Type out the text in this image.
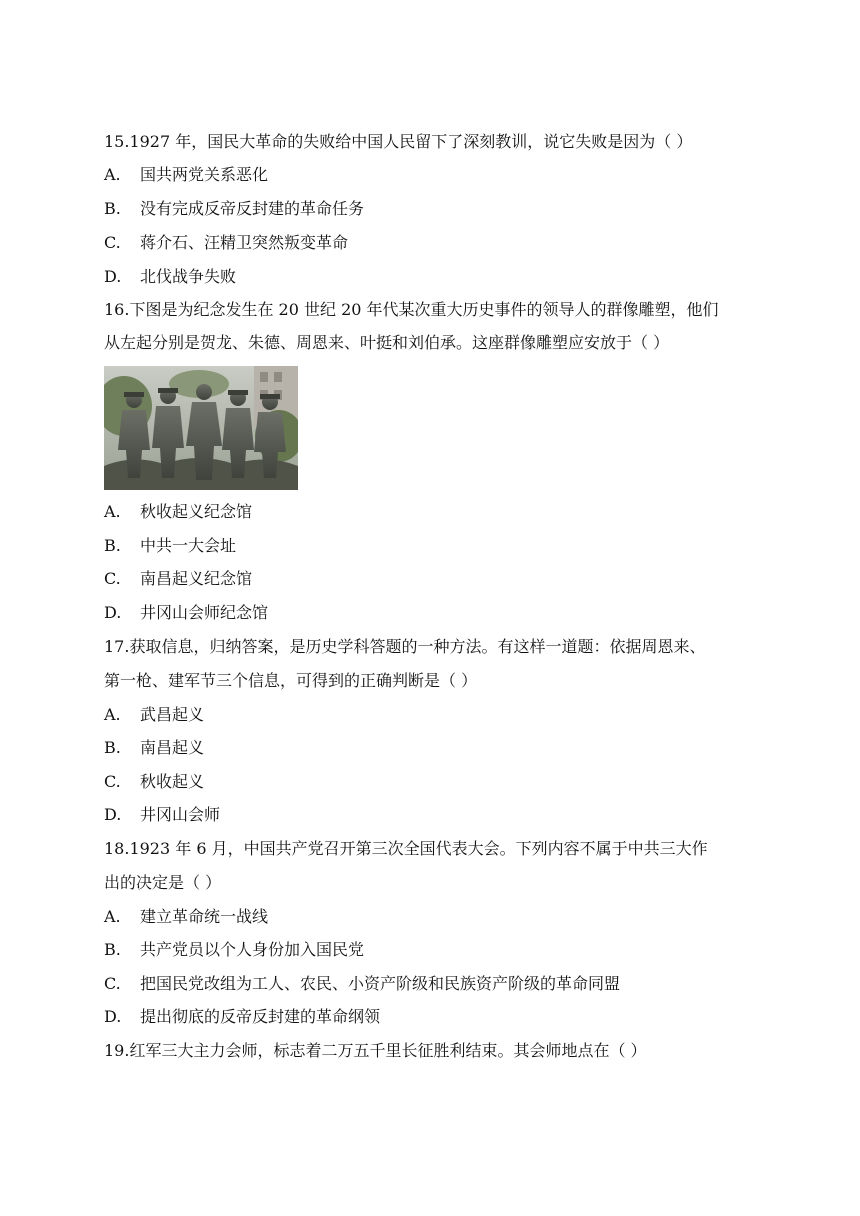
15.1927 年，国民大革命的失败给中国人民留下了深刻教训，说它失败是因为（ ）
A. 国共两党关系恶化
B. 没有完成反帝反封建的革命任务
C. 蒋介石、汪精卫突然叛变革命
D. 北伐战争失败
16.下图是为纪念发生在 20 世纪 20 年代某次重大历史事件的领导人的群像雕塑，他们
从左起分别是贺龙、朱德、周恩来、叶挺和刘伯承。这座群像雕塑应安放于（ ）
A. 秋收起义纪念馆
B. 中共一大会址
C. 南昌起义纪念馆
D. 井冈山会师纪念馆
17.获取信息，归纳答案，是历史学科答题的一种方法。有这样一道题：依据周恩来、
第一枪、建军节三个信息，可得到的正确判断是（ ）
A. 武昌起义
B. 南昌起义
C. 秋收起义
D. 井冈山会师
18.1923 年 6 月，中国共产党召开第三次全国代表大会。下列内容不属于中共三大作
出的决定是（ ）
A. 建立革命统一战线
B. 共产党员以个人身份加入国民党
C. 把国民党改组为工人、农民、小资产阶级和民族资产阶级的革命同盟
D. 提出彻底的反帝反封建的革命纲领
19.红军三大主力会师，标志着二万五千里长征胜利结束。其会师地点在（ ）
